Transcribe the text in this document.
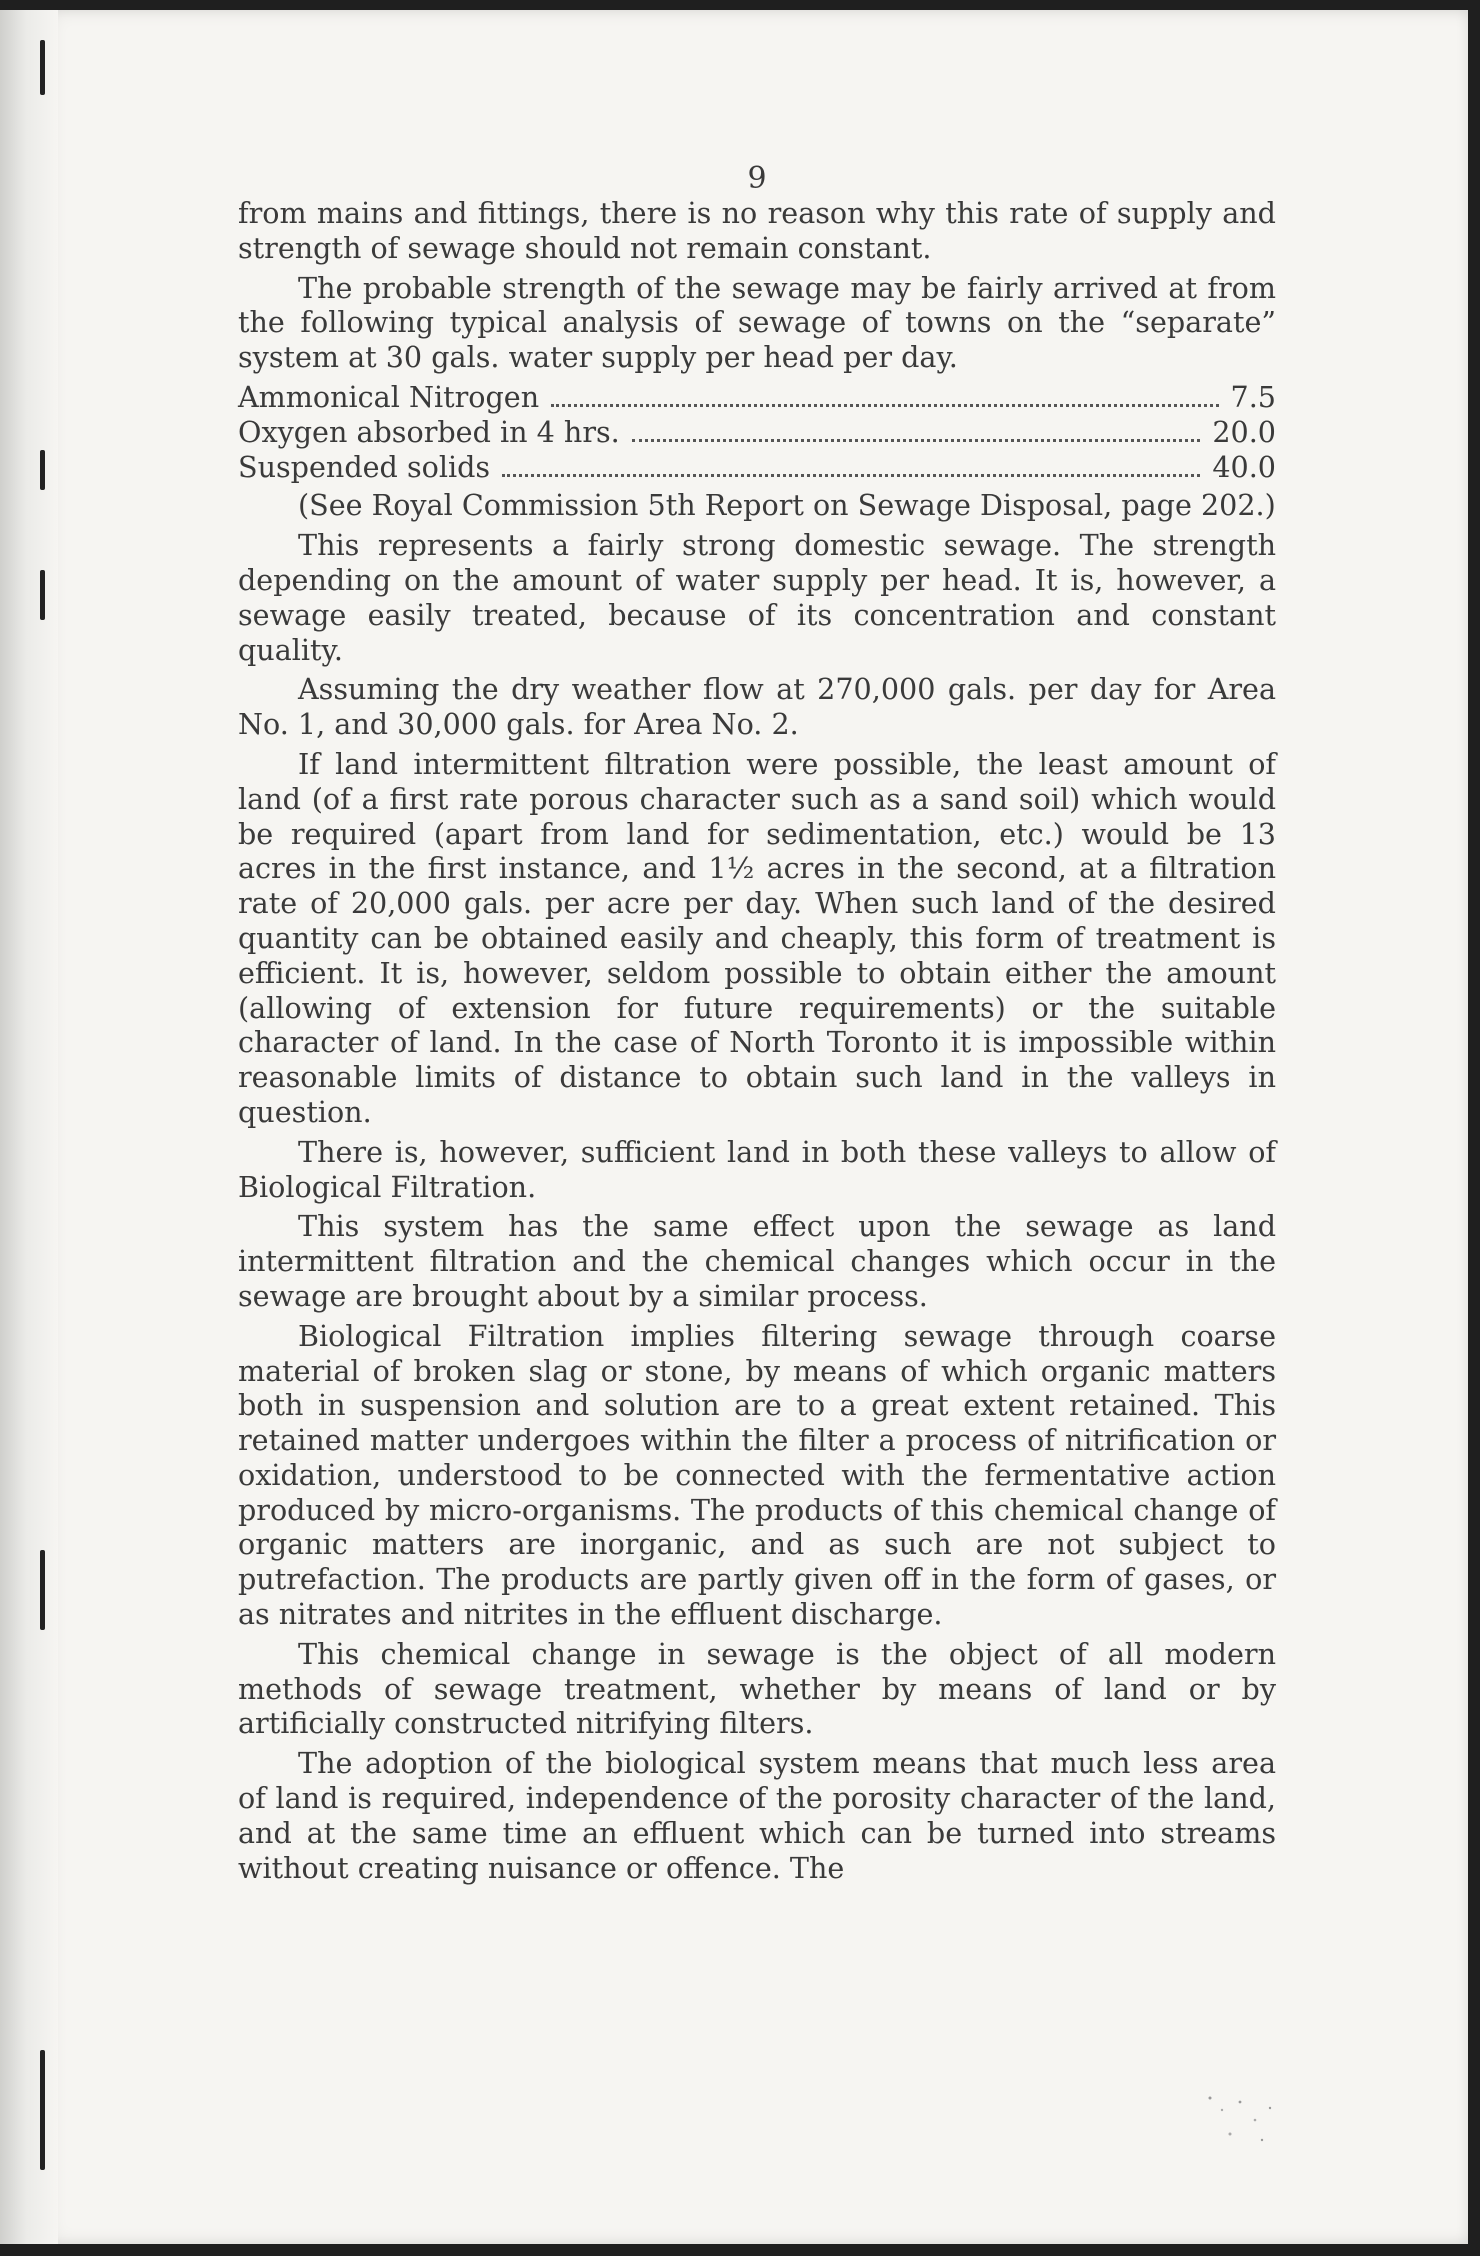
9

from mains and fittings, there is no reason why this rate of supply and strength of sewage should not remain constant.

The probable strength of the sewage may be fairly arrived at from the following typical analysis of sewage of towns on the “separate” system at 30 gals. water supply per head per day.

Ammonical Nitrogen	7.5
Oxygen absorbed in 4 hrs.	20.0
Suspended solids	40.0

(See Royal Commission 5th Report on Sewage Disposal, page 202.)

This represents a fairly strong domestic sewage. The strength depending on the amount of water supply per head. It is, however, a sewage easily treated, because of its concentration and constant quality.

Assuming the dry weather flow at 270,000 gals. per day for Area No. 1, and 30,000 gals. for Area No. 2.

If land intermittent filtration were possible, the least amount of land (of a first rate porous character such as a sand soil) which would be required (apart from land for sedimentation, etc.) would be 13 acres in the first instance, and 1½ acres in the second, at a filtration rate of 20,000 gals. per acre per day. When such land of the desired quantity can be obtained easily and cheaply, this form of treatment is efficient. It is, however, seldom possible to obtain either the amount (allowing of extension for future requirements) or the suitable character of land. In the case of North Toronto it is impossible within reasonable limits of distance to obtain such land in the valleys in question.

There is, however, sufficient land in both these valleys to allow of Biological Filtration.

This system has the same effect upon the sewage as land intermittent filtration and the chemical changes which occur in the sewage are brought about by a similar process.

Biological Filtration implies filtering sewage through coarse material of broken slag or stone, by means of which organic matters both in suspension and solution are to a great extent retained. This retained matter undergoes within the filter a process of nitrification or oxidation, understood to be connected with the fermentative action produced by micro-organisms. The products of this chemical change of organic matters are inorganic, and as such are not subject to putrefaction. The products are partly given off in the form of gases, or as nitrates and nitrites in the effluent discharge.

This chemical change in sewage is the object of all modern methods of sewage treatment, whether by means of land or by artificially constructed nitrifying filters.

The adoption of the biological system means that much less area of land is required, independence of the porosity character of the land, and at the same time an effluent which can be turned into streams without creating nuisance or offence. The
